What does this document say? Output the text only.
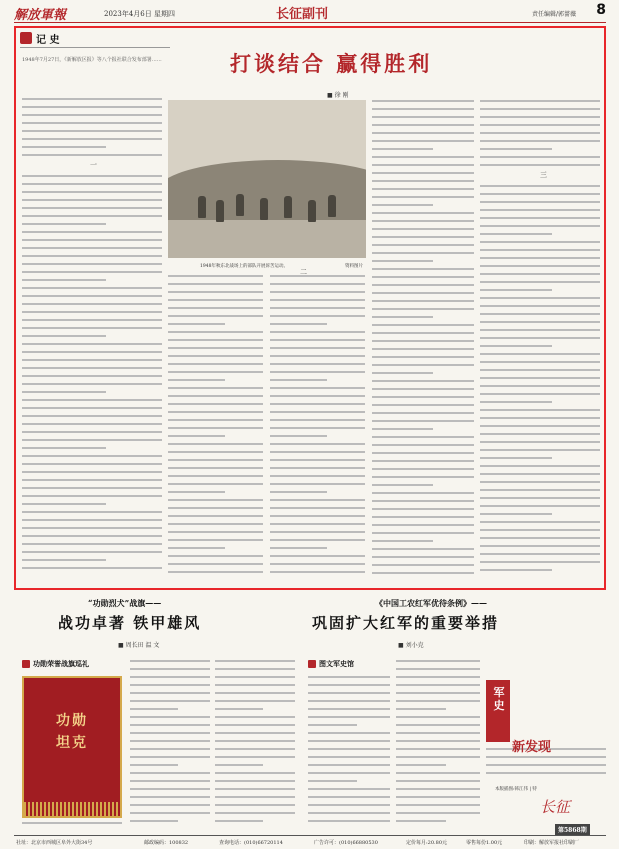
解放軍報	2023年4月6日 星期四	长征副刊	责任编辑/郭蔷薇 8
记 史
打谈结合 赢得胜利
■ 徐 刚
1948年7月27日，《新解放区报》等八个报社联合发布部署……
一
1948年秋东北战场上的部队开展诉苦运动。	资料图片
二
三
“功勋烈犬”战旗——
战功卓著 铁甲雄风
■ 周长田 温 文
功勋荣誉战旗巡礼
功勋
坦克
《中国工农红军优待条例》——
巩固扩大红军的重要举措
■ 刘小克
图文军史馆
军史
新发现
本版插图:韩江伟 | 特
长征
第5868期
社址：北京市西城区阜外大街34号	邮政编码：100832	查询电话：(010)66720114	广告许可：(010)66880530	定价每月:20.80元	零售每份1.00元	印刷：解放军报社印刷厂
